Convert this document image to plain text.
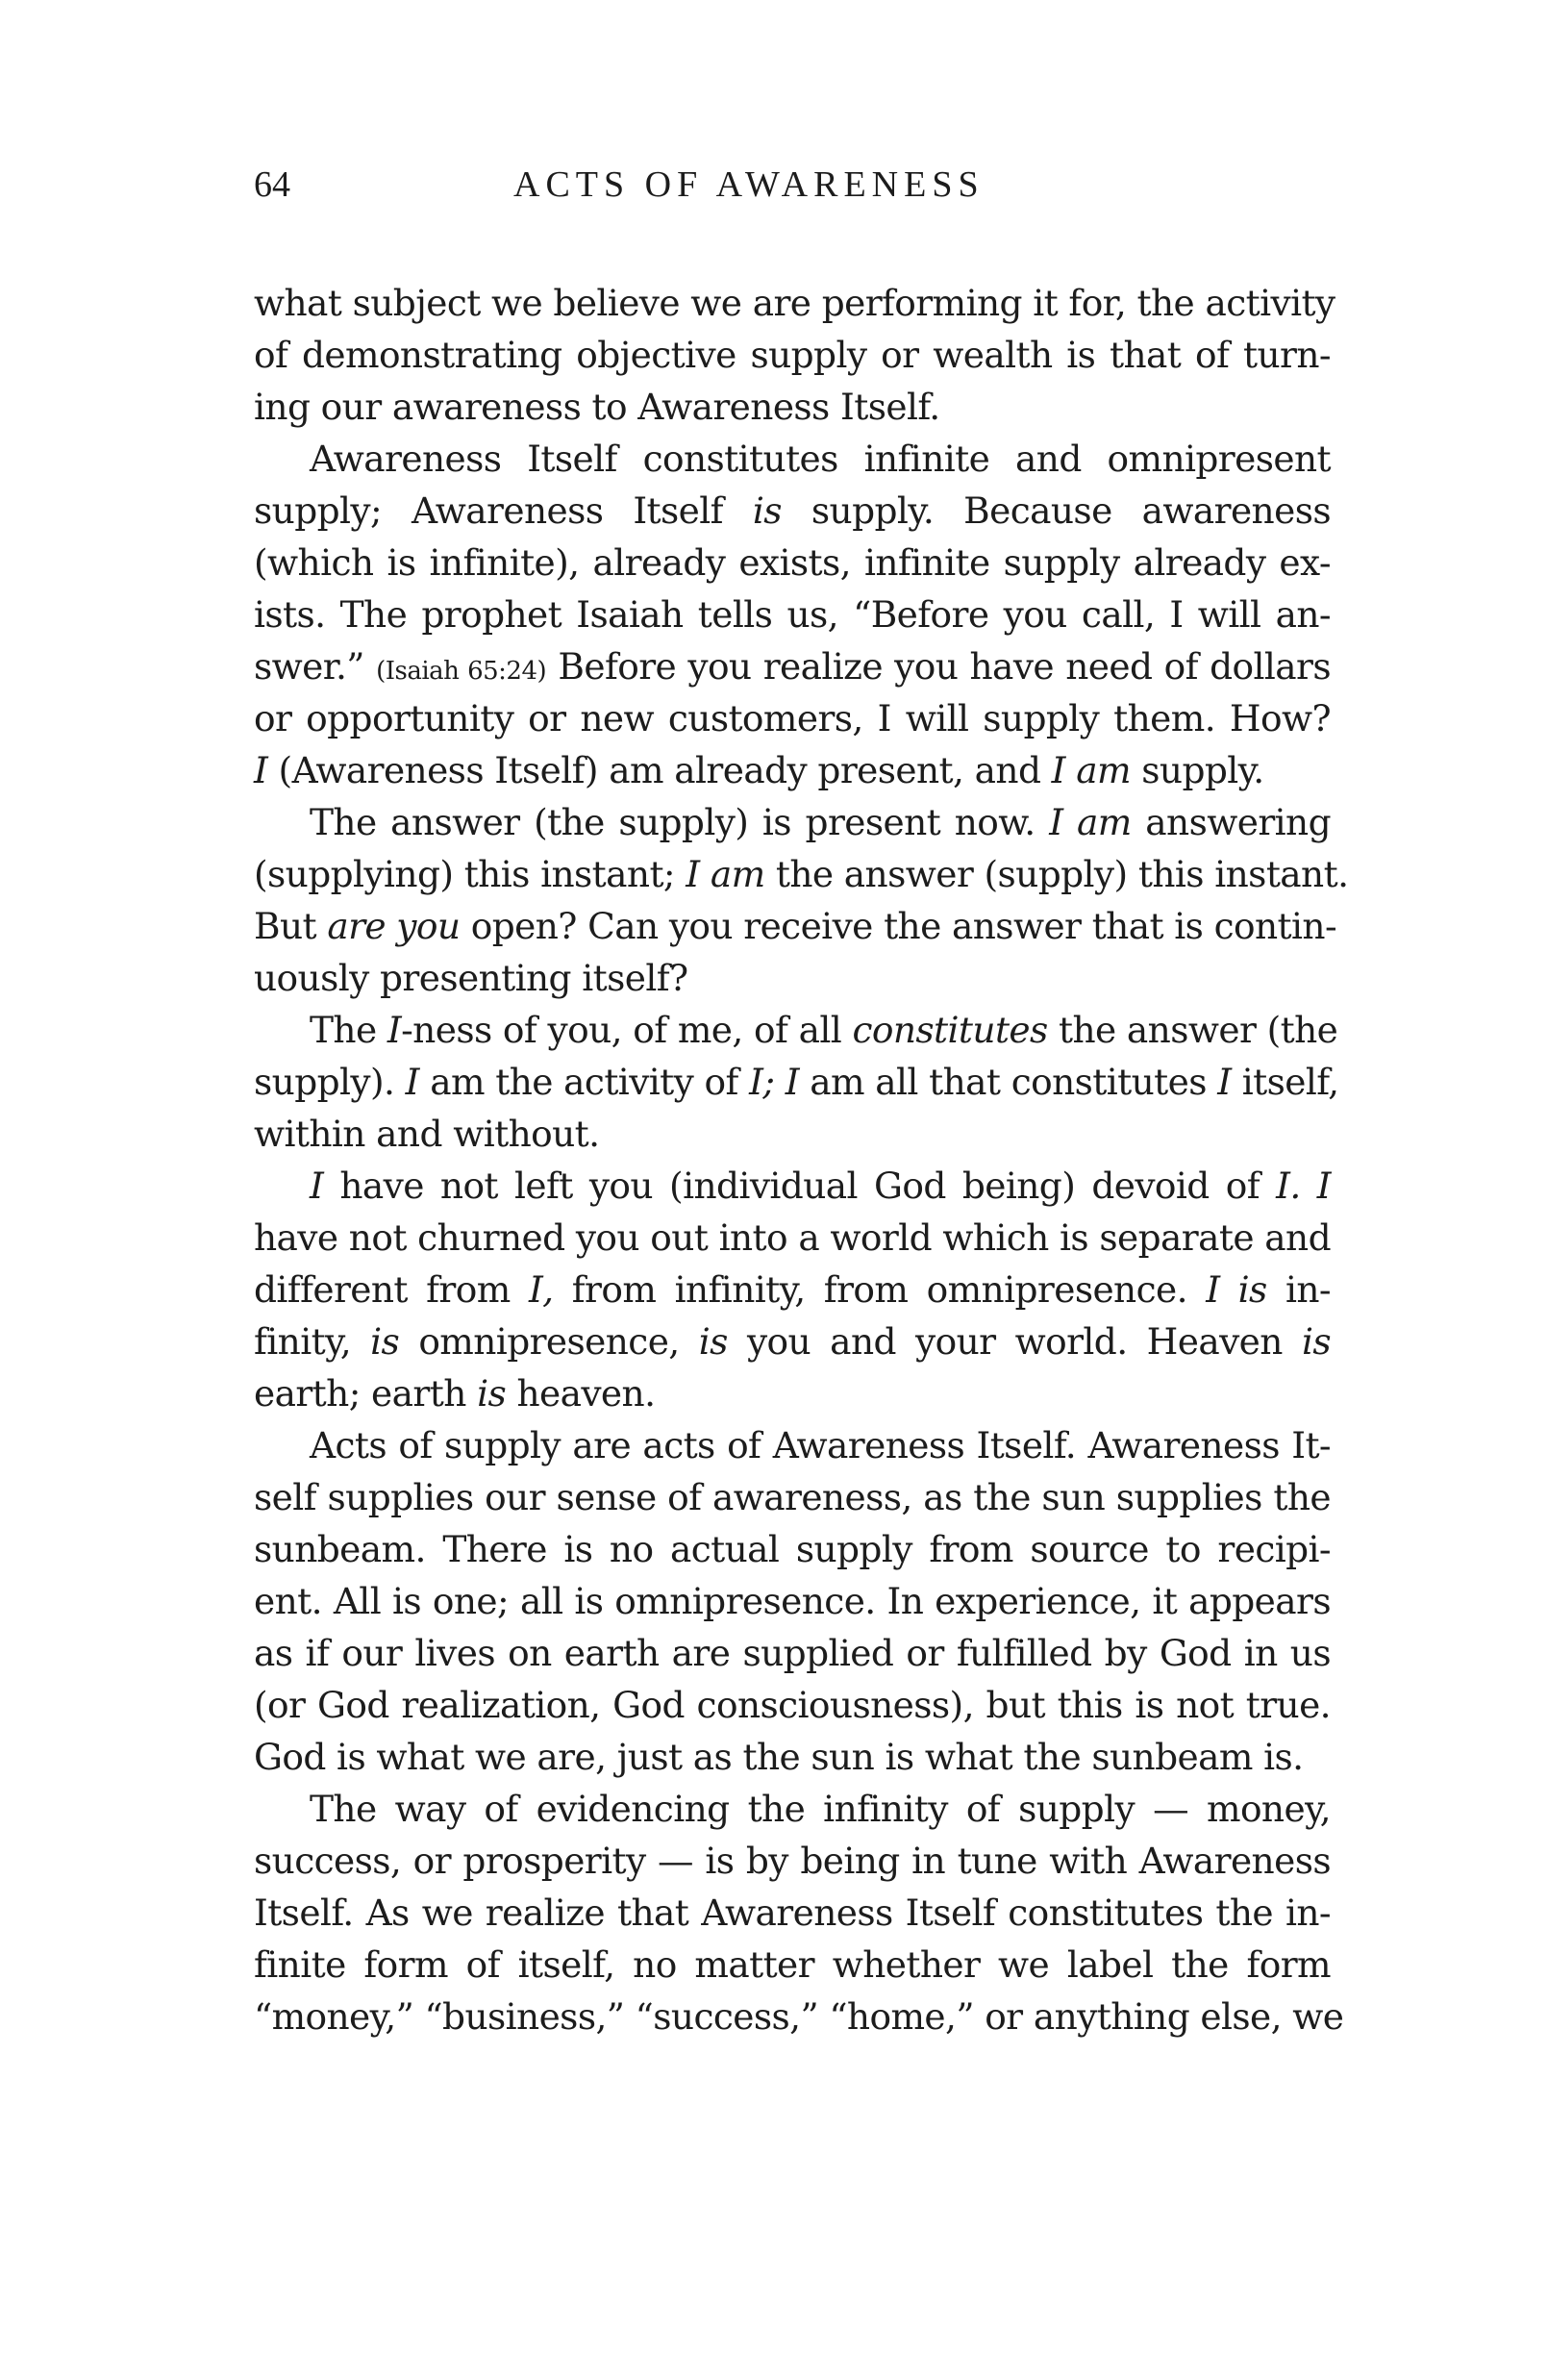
64	ACTS OF AWARENESS
what subject we believe we are performing it for, the activity
of demonstrating objective supply or wealth is that of turn-
ing our awareness to Awareness Itself.
Awareness Itself constitutes infinite and omnipresent
supply; Awareness Itself is supply. Because awareness
(which is infinite), already exists, infinite supply already ex-
ists. The prophet Isaiah tells us, “Before you call, I will an-
swer.” (Isaiah 65:24) Before you realize you have need of dollars
or opportunity or new customers, I will supply them. How?
I (Awareness Itself) am already present, and I am supply.
The answer (the supply) is present now. I am answering
(supplying) this instant; I am the answer (supply) this instant.
But are you open? Can you receive the answer that is contin-
uously presenting itself?
The I-ness of you, of me, of all constitutes the answer (the
supply). I am the activity of I; I am all that constitutes I itself,
within and without.
I have not left you (individual God being) devoid of I. I
have not churned you out into a world which is separate and
different from I, from infinity, from omnipresence. I is in-
finity, is omnipresence, is you and your world. Heaven is
earth; earth is heaven.
Acts of supply are acts of Awareness Itself. Awareness It-
self supplies our sense of awareness, as the sun supplies the
sunbeam. There is no actual supply from source to recipi-
ent. All is one; all is omnipresence. In experience, it appears
as if our lives on earth are supplied or fulfilled by God in us
(or God realization, God consciousness), but this is not true.
God is what we are, just as the sun is what the sunbeam is.
The way of evidencing the infinity of supply — money,
success, or prosperity — is by being in tune with Awareness
Itself. As we realize that Awareness Itself constitutes the in-
finite form of itself, no matter whether we label the form
“money,” “business,” “success,” “home,” or anything else, we
